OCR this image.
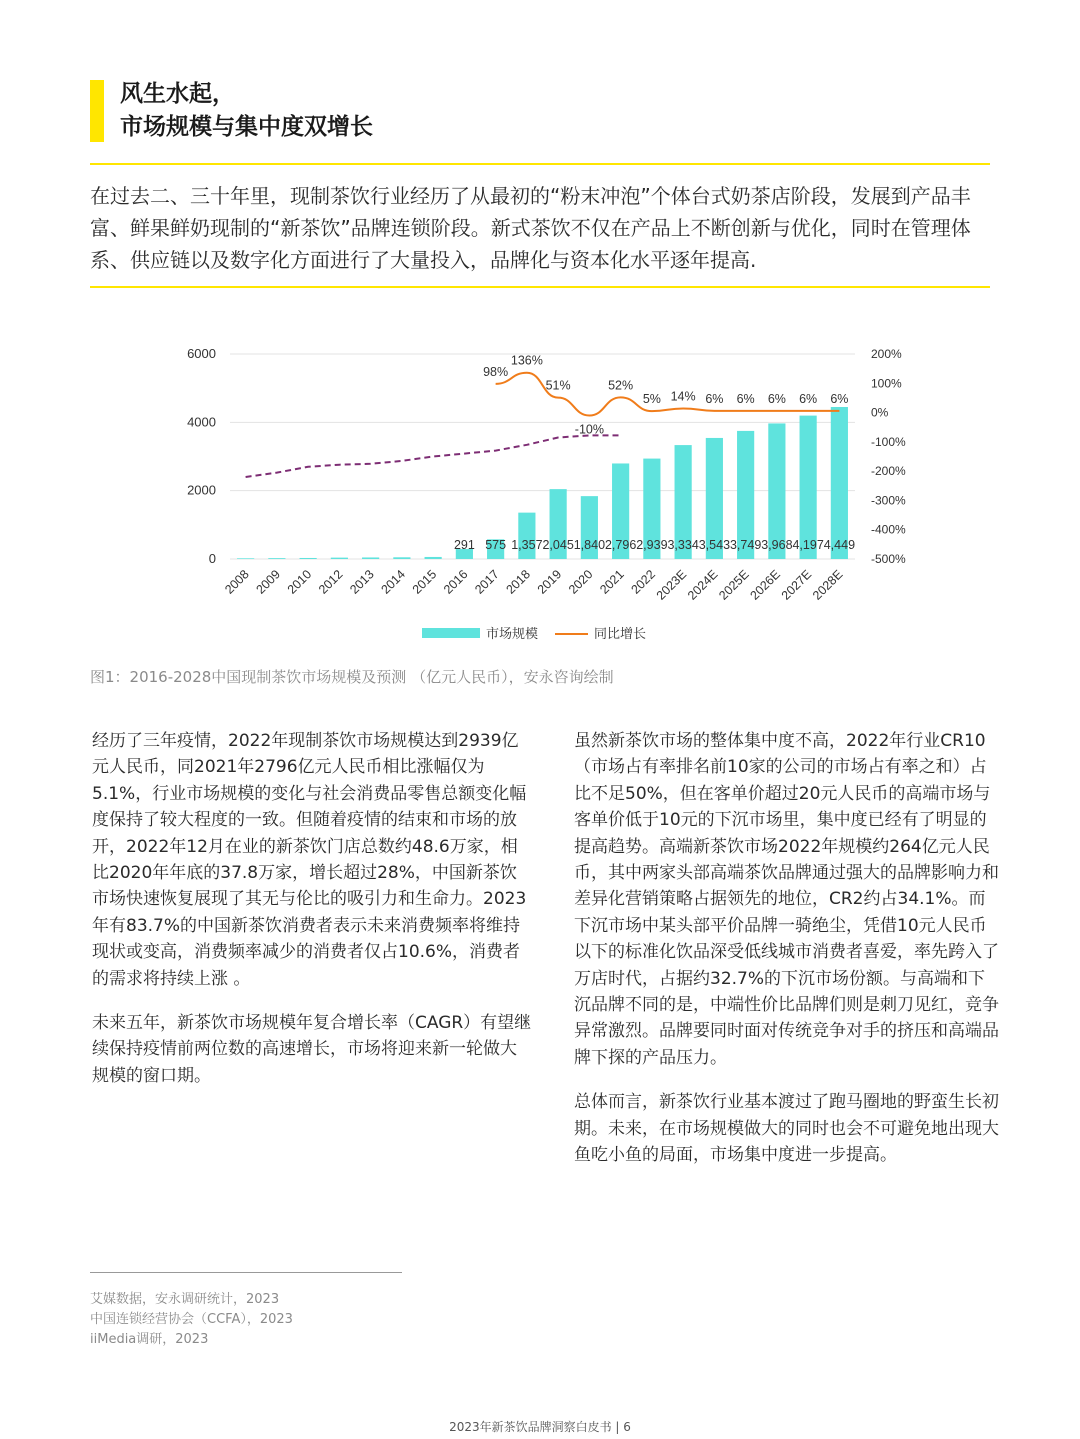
风生水起，
市场规模与集中度双增长
在过去二、三十年里，现制茶饮行业经历了从最初的“粉末冲泡”个体台式奶茶店阶段，发展到产品丰富、鲜果鲜奶现制的“新茶饮”品牌连锁阶段。新式茶饮不仅在产品上不断创新与优化，同时在管理体系、供应链以及数字化方面进行了大量投入，品牌化与资本化水平逐年提高.
0
2000
4000
6000
-500%
-400%
-300%
-200%
-100%
0%
100%
200%
291 575 1,357 2,045 1,840 2,796 2,939 3,334 3,543 3,749 3,968 4,197 4,449
2008 2009 2010 2012 2013 2014 2015 2016 2017 2018 2019 2020 2021 2022
2023E
2024E
2025E
2026E
2027E
2028E
98%
136%
51%
-10%
52%
5% 14% 6% 6% 6% 6% 6%
市场规模	同比增长
图1：2016-2028中国现制茶饮市场规模及预测 （亿元人民币），安永咨询绘制

经历了三年疫情，2022年现制茶饮市场规模达到2939亿元人民币，同2021年2796亿元人民币相比涨幅仅为5.1%，行业市场规模的变化与社会消费品零售总额变化幅度保持了较大程度的一致。但随着疫情的结束和市场的放开，2022年12月在业的新茶饮门店总数约48.6万家，相比2020年年底的37.8万家，增长超过28%，中国新茶饮市场快速恢复展现了其无与伦比的吸引力和生命力。2023年有83.7%的中国新茶饮消费者表示未来消费频率将维持现状或变高，消费频率减少的消费者仅占10.6%，消费者的需求将持续上涨 。

未来五年，新茶饮市场规模年复合增长率（CAGR）有望继续保持疫情前两位数的高速增长，市场将迎来新一轮做大规模的窗口期。

虽然新茶饮市场的整体集中度不高，2022年行业CR10（市场占有率排名前10家的公司的市场占有率之和）占比不足50%，但在客单价超过20元人民币的高端市场与客单价低于10元的下沉市场里，集中度已经有了明显的提高趋势。高端新茶饮市场2022年规模约264亿元人民币，其中两家头部高端茶饮品牌通过强大的品牌影响力和差异化营销策略占据领先的地位，CR2约占34.1%。而下沉市场中某头部平价品牌一骑绝尘，凭借10元人民币以下的标准化饮品深受低线城市消费者喜爱，率先跨入了万店时代，占据约32.7%的下沉市场份额。与高端和下沉品牌不同的是，中端性价比品牌们则是刺刀见红，竞争异常激烈。品牌要同时面对传统竞争对手的挤压和高端品牌下探的产品压力。

总体而言，新茶饮行业基本渡过了跑马圈地的野蛮生长初期。未来，在市场规模做大的同时也会不可避免地出现大鱼吃小鱼的局面，市场集中度进一步提高。

艾媒数据，安永调研统计，2023
中国连锁经营协会（CCFA），2023
iiMedia调研，2023
2023年新茶饮品牌洞察白皮书 | 6
